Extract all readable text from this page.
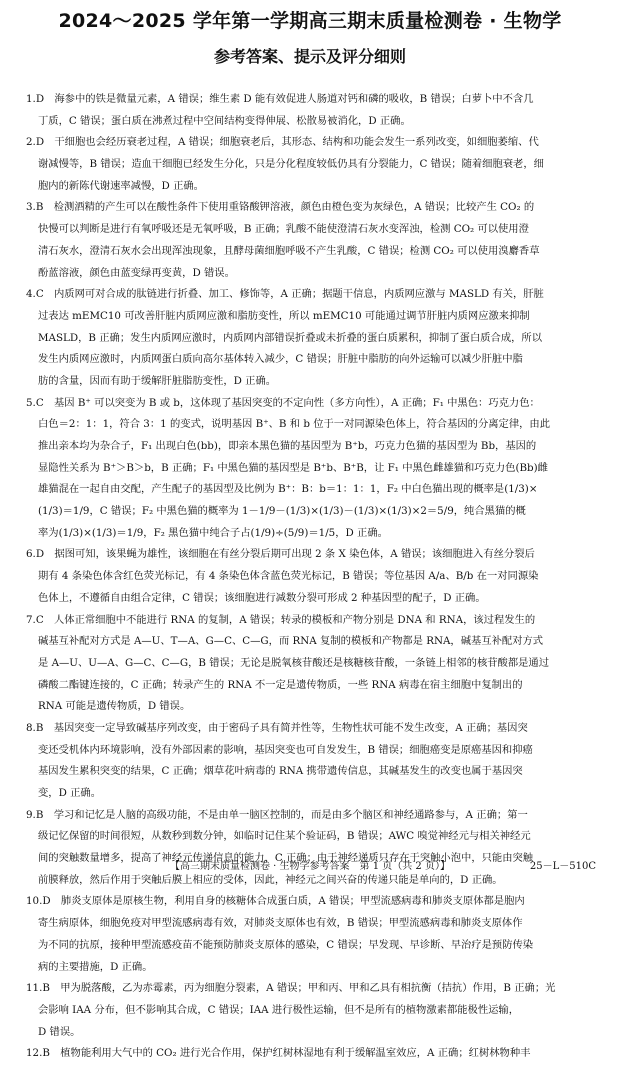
2024～2025 学年第一学期高三期末质量检测卷 · 生物学
参考答案、提示及评分细则
1.D　海参中的铁是微量元素，A 错误；维生素 D 能有效促进人肠道对钙和磷的吸收，B 错误；白萝卜中不含几
丁质，C 错误；蛋白质在沸煮过程中空间结构变得伸展、松散易被消化，D 正确。
2.D　干细胞也会经历衰老过程，A 错误；细胞衰老后，其形态、结构和功能会发生一系列改变，如细胞萎缩、代
谢减慢等，B 错误；造血干细胞已经发生分化，只是分化程度较低仍具有分裂能力，C 错误；随着细胞衰老，细
胞内的新陈代谢速率减慢，D 正确。
3.B　检测酒精的产生可以在酸性条件下使用重铬酸钾溶液，颜色由橙色变为灰绿色，A 错误；比较产生 CO₂ 的
快慢可以判断是进行有氧呼吸还是无氧呼吸，B 正确；乳酸不能使澄清石灰水变浑浊，检测 CO₂ 可以使用澄
清石灰水，澄清石灰水会出现浑浊现象，且酵母菌细胞呼吸不产生乳酸，C 错误；检测 CO₂ 可以使用溴麝香草
酚蓝溶液，颜色由蓝变绿再变黄，D 错误。
4.C　内质网可对合成的肽链进行折叠、加工、修饰等，A 正确；据题干信息，内质网应激与 MASLD 有关，肝脏
过表达 mEMC10 可改善肝脏内质网应激和脂肪变性，所以 mEMC10 可能通过调节肝脏内质网应激来抑制
MASLD，B 正确；发生内质网应激时，内质网内部错误折叠或未折叠的蛋白质累积，抑制了蛋白质合成，所以
发生内质网应激时，内质网蛋白质向高尔基体转入减少，C 错误；肝脏中脂肪的向外运输可以减少肝脏中脂
肪的含量，因而有助于缓解肝脏脂肪变性，D 正确。
5.C　基因 B⁺ 可以突变为 B 或 b，这体现了基因突变的不定向性（多方向性），A 正确；F₁ 中黑色：巧克力色：
白色＝2：1：1，符合 3：1 的变式，说明基因 B⁺、B 和 b 位于一对同源染色体上，符合基因的分离定律，由此
推出亲本均为杂合子，F₁ 出现白色(bb)，即亲本黑色猫的基因型为 B⁺b，巧克力色猫的基因型为 Bb，基因的
显隐性关系为 B⁺＞B＞b，B 正确；F₁ 中黑色猫的基因型是 B⁺b、B⁺B，让 F₁ 中黑色雌雄猫和巧克力色(Bb)雌
雄猫混在一起自由交配，产生配子的基因型及比例为 B⁺：B：b＝1：1：1，F₂ 中白色猫出现的概率是(1/3)×
(1/3)＝1/9，C 错误；F₂ 中黑色猫的概率为 1－1/9－(1/3)×(1/3)－(1/3)×(1/3)×2＝5/9，纯合黑猫的概
率为(1/3)×(1/3)＝1/9，F₂ 黑色猫中纯合子占(1/9)÷(5/9)＝1/5，D 正确。
6.D　据图可知，该果蝇为雄性，该细胞在有丝分裂后期可出现 2 条 X 染色体，A 错误；该细胞进入有丝分裂后
期有 4 条染色体含红色荧光标记，有 4 条染色体含蓝色荧光标记，B 错误；等位基因 A/a、B/b 在一对同源染
色体上，不遵循自由组合定律，C 错误；该细胞进行减数分裂可形成 2 种基因型的配子，D 正确。
7.C　人体正常细胞中不能进行 RNA 的复制，A 错误；转录的模板和产物分别是 DNA 和 RNA，该过程发生的
碱基互补配对方式是 A—U、T—A、G—C、C—G，而 RNA 复制的模板和产物都是 RNA，碱基互补配对方式
是 A—U、U—A、G—C、C—G，B 错误；无论是脱氧核苷酸还是核糖核苷酸，一条链上相邻的核苷酸都是通过
磷酸二酯键连接的，C 正确；转录产生的 RNA 不一定是遗传物质，一些 RNA 病毒在宿主细胞中复制出的
RNA 可能是遗传物质，D 错误。
8.B　基因突变一定导致碱基序列改变，由于密码子具有简并性等，生物性状可能不发生改变，A 正确；基因突
变还受机体内环境影响，没有外部因素的影响，基因突变也可自发发生，B 错误；细胞癌变是原癌基因和抑癌
基因发生累积突变的结果，C 正确；烟草花叶病毒的 RNA 携带遗传信息，其碱基发生的改变也属于基因突
变，D 正确。
9.B　学习和记忆是人脑的高级功能，不是由单一脑区控制的，而是由多个脑区和神经通路参与，A 正确；第一
级记忆保留的时间很短，从数秒到数分钟，如临时记住某个验证码，B 错误；AWC 嗅觉神经元与相关神经元
间的突触数量增多，提高了神经元传递信息的能力，C 正确；由于神经递质只存在于突触小泡中，只能由突触
前膜释放，然后作用于突触后膜上相应的受体，因此，神经元之间兴奋的传递只能是单向的，D 正确。
10.D　肺炎支原体是原核生物，利用自身的核糖体合成蛋白质，A 错误；甲型流感病毒和肺炎支原体都是胞内
寄生病原体，细胞免疫对甲型流感病毒有效，对肺炎支原体也有效，B 错误；甲型流感病毒和肺炎支原体作
为不同的抗原，接种甲型流感疫苗不能预防肺炎支原体的感染，C 错误；早发现、早诊断、早治疗是预防传染
病的主要措施，D 正确。
11.B　甲为脱落酸，乙为赤霉素，丙为细胞分裂素，A 错误；甲和丙、甲和乙具有相抗衡（拮抗）作用，B 正确；光
会影响 IAA 分布，但不影响其合成，C 错误；IAA 进行极性运输，但不是所有的植物激素都能极性运输，
D 错误。
12.B　植物能利用大气中的 CO₂ 进行光合作用，保护红树林湿地有利于缓解温室效应，A 正确；红树林物种丰
【高三期末质量检测卷 · 生物学参考答案　第 1 页（共 2 页）】	25－L－510C
